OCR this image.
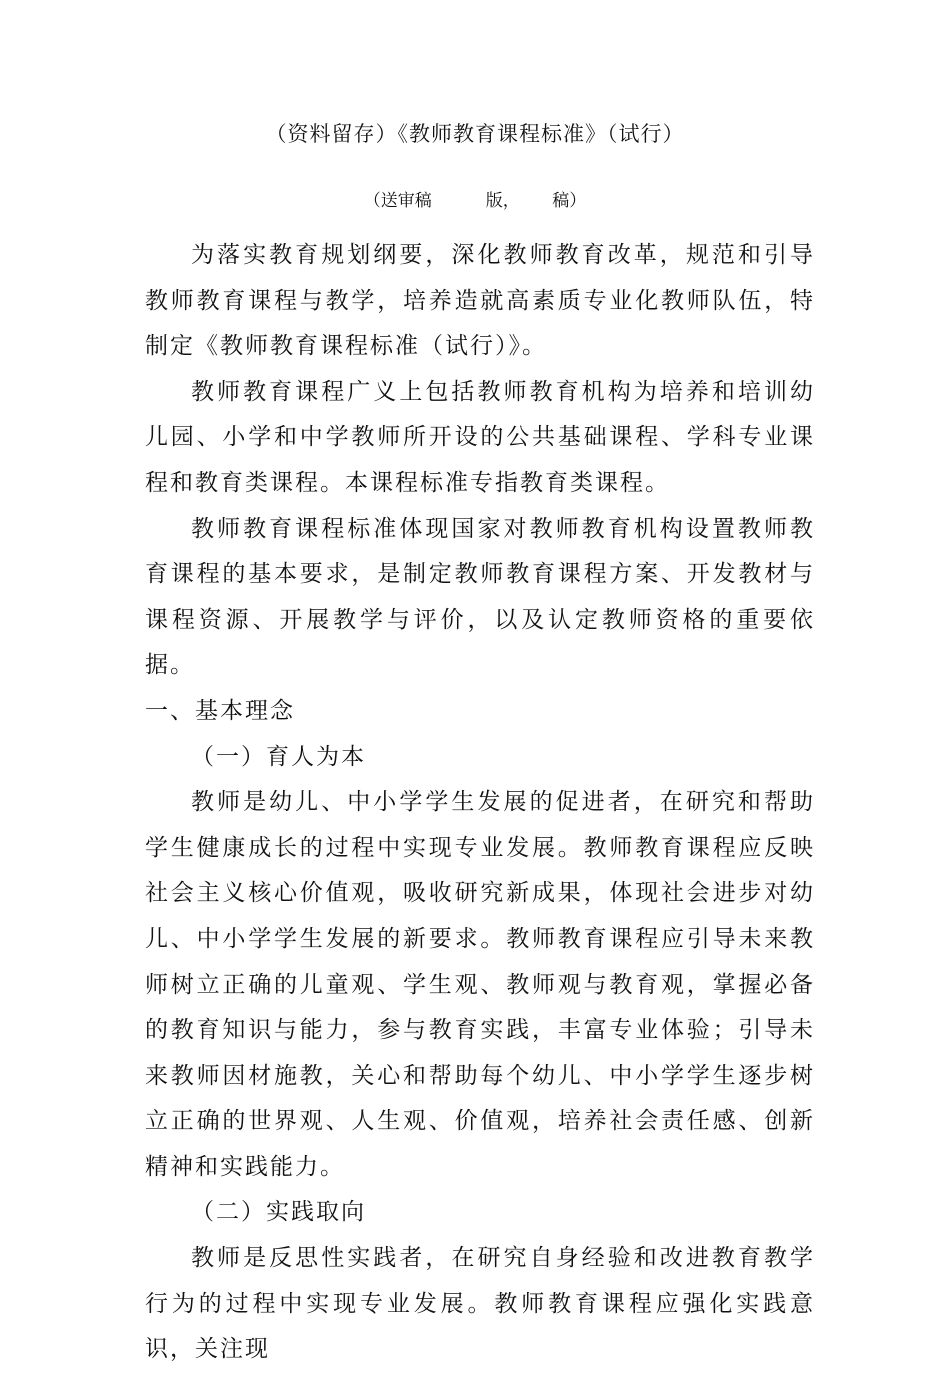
（资料留存）《教师教育课程标准》（试行）
（送审稿          版，      稿）

为落实教育规划纲要，深化教师教育改革，规范和引导教师教育课程与教学，培养造就高素质专业化教师队伍，特制定《教师教育课程标准（试行）》。

教师教育课程广义上包括教师教育机构为培养和培训幼儿园、小学和中学教师所开设的公共基础课程、学科专业课程和教育类课程。本课程标准专指教育类课程。

教师教育课程标准体现国家对教师教育机构设置教师教育课程的基本要求，是制定教师教育课程方案、开发教材与课程资源、开展教学与评价，以及认定教师资格的重要依据。

一、基本理念

（一）育人为本

教师是幼儿、中小学学生发展的促进者，在研究和帮助学生健康成长的过程中实现专业发展。教师教育课程应反映社会主义核心价值观，吸收研究新成果，体现社会进步对幼儿、中小学学生发展的新要求。教师教育课程应引导未来教师树立正确的儿童观、学生观、教师观与教育观，掌握必备的教育知识与能力，参与教育实践，丰富专业体验；引导未来教师因材施教，关心和帮助每个幼儿、中小学学生逐步树立正确的世界观、人生观、价值观，培养社会责任感、创新精神和实践能力。

（二）实践取向

教师是反思性实践者，在研究自身经验和改进教育教学行为的过程中实现专业发展。教师教育课程应强化实践意识，关注现
